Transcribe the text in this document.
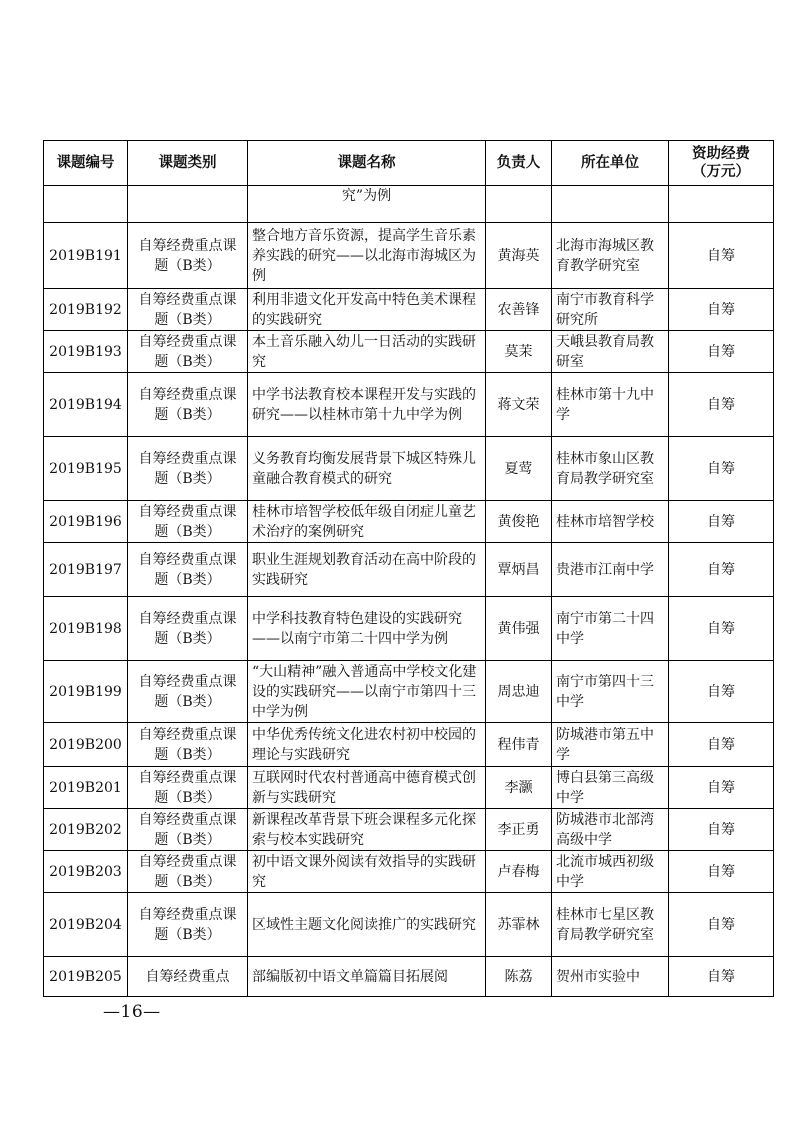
课题编号	课题类别	课题名称	负责人	所在单位	资助经费（万元）
		究”为例			
2019B191	自筹经费重点课题（B类）	整合地方音乐资源，提高学生音乐素养实践的研究——以北海市海城区为例	黄海英	北海市海城区教育教学研究室	自筹
2019B192	自筹经费重点课题（B类）	利用非遗文化开发高中特色美术课程的实践研究	农善锋	南宁市教育科学研究所	自筹
2019B193	自筹经费重点课题（B类）	本土音乐融入幼儿一日活动的实践研究	莫茉	天峨县教育局教研室	自筹
2019B194	自筹经费重点课题（B类）	中学书法教育校本课程开发与实践的研究——以桂林市第十九中学为例	蒋文荣	桂林市第十九中学	自筹
2019B195	自筹经费重点课题（B类）	义务教育均衡发展背景下城区特殊儿童融合教育模式的研究	夏莺	桂林市象山区教育局教学研究室	自筹
2019B196	自筹经费重点课题（B类）	桂林市培智学校低年级自闭症儿童艺术治疗的案例研究	黄俊艳	桂林市培智学校	自筹
2019B197	自筹经费重点课题（B类）	职业生涯规划教育活动在高中阶段的实践研究	覃炳昌	贵港市江南中学	自筹
2019B198	自筹经费重点课题（B类）	中学科技教育特色建设的实践研究——以南宁市第二十四中学为例	黄伟强	南宁市第二十四中学	自筹
2019B199	自筹经费重点课题（B类）	“大山精神”融入普通高中学校文化建设的实践研究——以南宁市第四十三中学为例	周忠迪	南宁市第四十三中学	自筹
2019B200	自筹经费重点课题（B类）	中华优秀传统文化进农村初中校园的理论与实践研究	程伟青	防城港市第五中学	自筹
2019B201	自筹经费重点课题（B类）	互联网时代农村普通高中德育模式创新与实践研究	李灏	博白县第三高级中学	自筹
2019B202	自筹经费重点课题（B类）	新课程改革背景下班会课程多元化探索与校本实践研究	李正勇	防城港市北部湾高级中学	自筹
2019B203	自筹经费重点课题（B类）	初中语文课外阅读有效指导的实践研究	卢春梅	北流市城西初级中学	自筹
2019B204	自筹经费重点课题（B类）	区域性主题文化阅读推广的实践研究	苏霏林	桂林市七星区教育局教学研究室	自筹
2019B205	自筹经费重点	部编版初中语文单篇篇目拓展阅	陈荔	贺州市实验中	自筹
—16—
